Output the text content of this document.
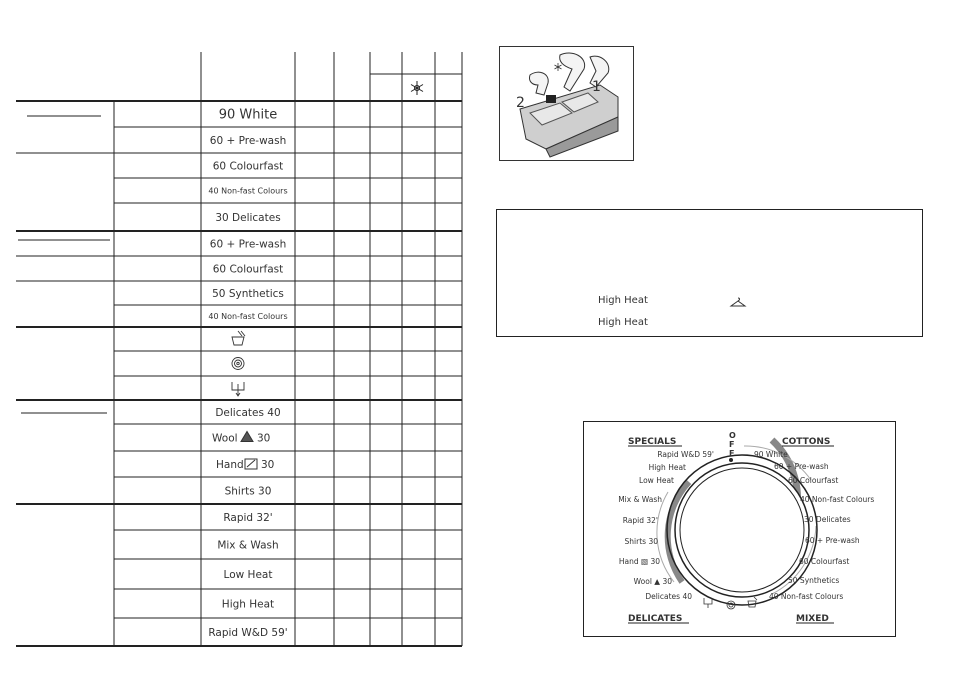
90 White
60 + Pre-wash
60 Colourfast
40 Non-fast Colours
30 Delicates
60 + Pre-wash
60 Colourfast
50 Synthetics
40 Non-fast Colours
Delicates 40
Wool 30
Hand 30
Shirts 30
Rapid 32'
Mix & Wash
Low Heat
High Heat
Rapid W&D 59'
1
2
High Heat
High Heat
O F F
SPECIALS	COTTONS
DELICATES	MIXED
Rapid W&D 59'
High Heat
Low Heat
Mix & Wash
Rapid 32'
Shirts 30
Hand ▧ 30
Wool ▲ 30
Delicates 40
90 White
60 + Pre-wash
60 Colourfast
40 Non-fast Colours
30 Delicates
60 + Pre-wash
60 Colourfast
50 Synthetics
40 Non-fast Colours
